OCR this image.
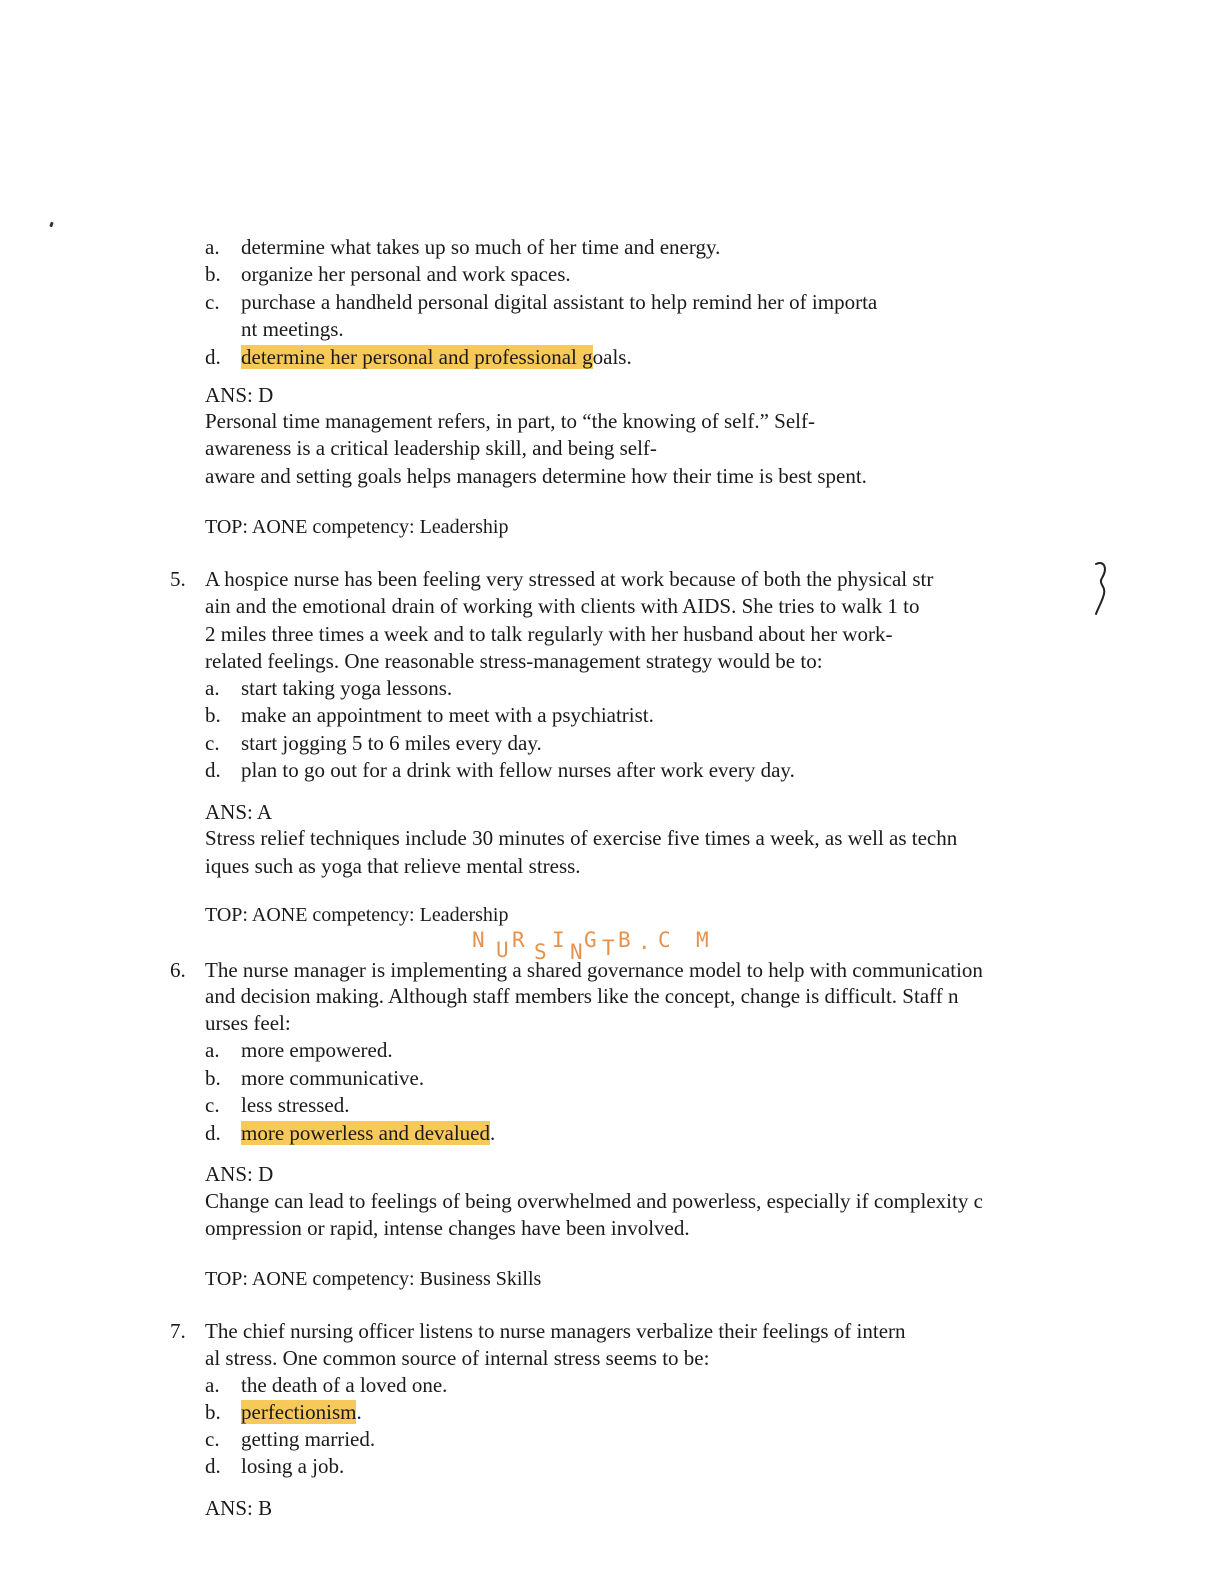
a. determine what takes up so much of her time and energy.
b. organize her personal and work spaces.
c. purchase a handheld personal digital assistant to help remind her of importa
nt meetings.
d. determine her personal and professional goals.
ANS: D
Personal time management refers, in part, to “the knowing of self.” Self-
awareness is a critical leadership skill, and being self-
aware and setting goals helps managers determine how their time is best spent.
TOP: AONE competency: Leadership
5. A hospice nurse has been feeling very stressed at work because of both the physical str
ain and the emotional drain of working with clients with AIDS. She tries to walk 1 to
2 miles three times a week and to talk regularly with her husband about her work-
related feelings. One reasonable stress-management strategy would be to:
a. start taking yoga lessons.
b. make an appointment to meet with a psychiatrist.
c. start jogging 5 to 6 miles every day.
d. plan to go out for a drink with fellow nurses after work every day.
ANS: A
Stress relief techniques include 30 minutes of exercise five times a week, as well as techn
iques such as yoga that relieve mental stress.
TOP: AONE competency: Leadership
N U R S I N G T B . C M
6. The nurse manager is implementing a shared governance model to help with communication
and decision making. Although staff members like the concept, change is difficult. Staff n
urses feel:
a. more empowered.
b. more communicative.
c. less stressed.
d. more powerless and devalued.
ANS: D
Change can lead to feelings of being overwhelmed and powerless, especially if complexity c
ompression or rapid, intense changes have been involved.
TOP: AONE competency: Business Skills
7. The chief nursing officer listens to nurse managers verbalize their feelings of intern
al stress. One common source of internal stress seems to be:
a. the death of a loved one.
b. perfectionism.
c. getting married.
d. losing a job.
ANS: B
